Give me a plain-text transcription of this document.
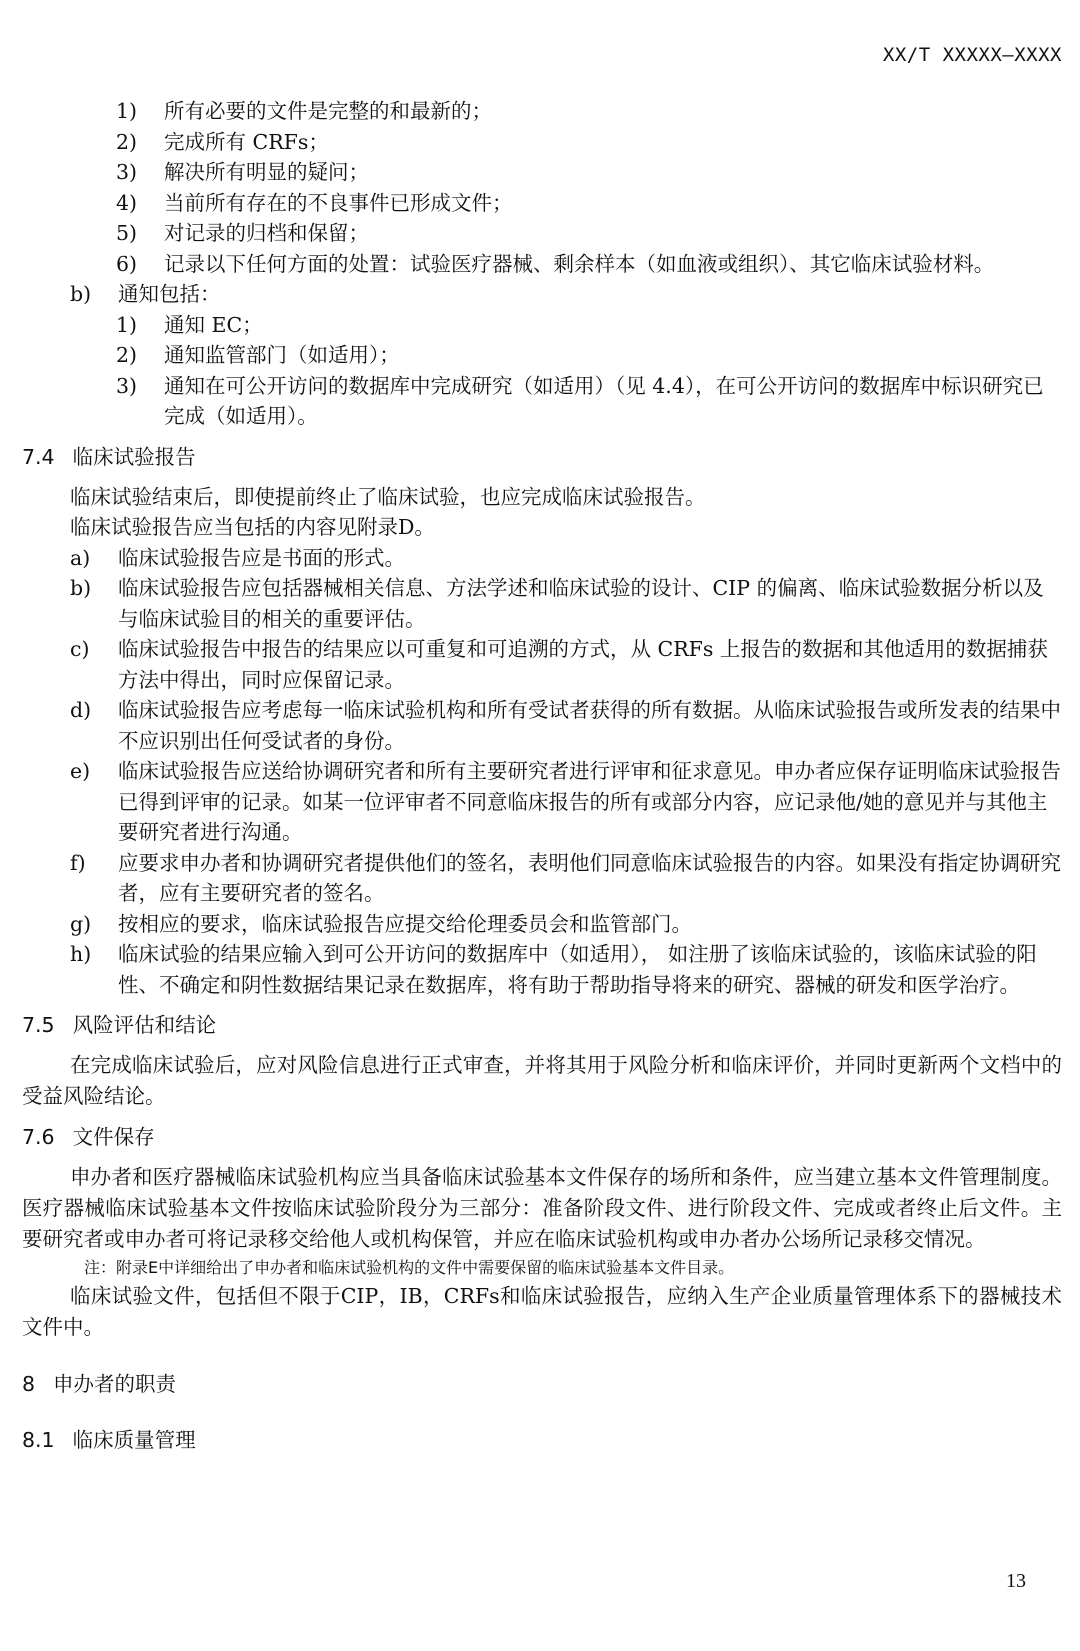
XX/T XXXXX—XXXX
1) 所有必要的文件是完整的和最新的；
2) 完成所有 CRFs；
3) 解决所有明显的疑问；
4) 当前所有存在的不良事件已形成文件；
5) 对记录的归档和保留；
6) 记录以下任何方面的处置：试验医疗器械、剩余样本（如血液或组织）、其它临床试验材料。
b) 通知包括：
1) 通知 EC；
2) 通知监管部门（如适用）；
3) 通知在可公开访问的数据库中完成研究（如适用）（见 4.4），在可公开访问的数据库中标识研究已完成（如适用）。
7.4 临床试验报告
临床试验结束后，即使提前终止了临床试验，也应完成临床试验报告。
临床试验报告应当包括的内容见附录D。
a) 临床试验报告应是书面的形式。
b) 临床试验报告应包括器械相关信息、方法学述和临床试验的设计、CIP 的偏离、临床试验数据分析以及与临床试验目的相关的重要评估。
c) 临床试验报告中报告的结果应以可重复和可追溯的方式，从 CRFs 上报告的数据和其他适用的数据捕获方法中得出，同时应保留记录。
d) 临床试验报告应考虑每一临床试验机构和所有受试者获得的所有数据。从临床试验报告或所发表的结果中不应识别出任何受试者的身份。
e) 临床试验报告应送给协调研究者和所有主要研究者进行评审和征求意见。申办者应保存证明临床试验报告已得到评审的记录。如某一位评审者不同意临床报告的所有或部分内容，应记录他/她的意见并与其他主要研究者进行沟通。
f) 应要求申办者和协调研究者提供他们的签名，表明他们同意临床试验报告的内容。如果没有指定协调研究者，应有主要研究者的签名。
g) 按相应的要求，临床试验报告应提交给伦理委员会和监管部门。
h) 临床试验的结果应输入到可公开访问的数据库中（如适用）， 如注册了该临床试验的，该临床试验的阳性、不确定和阴性数据结果记录在数据库，将有助于帮助指导将来的研究、器械的研发和医学治疗。
7.5 风险评估和结论
在完成临床试验后，应对风险信息进行正式审查，并将其用于风险分析和临床评价，并同时更新两个文档中的受益风险结论。
7.6 文件保存
申办者和医疗器械临床试验机构应当具备临床试验基本文件保存的场所和条件，应当建立基本文件管理制度。医疗器械临床试验基本文件按临床试验阶段分为三部分：准备阶段文件、进行阶段文件、完成或者终止后文件。主要研究者或申办者可将记录移交给他人或机构保管，并应在临床试验机构或申办者办公场所记录移交情况。
注：附录E中详细给出了申办者和临床试验机构的文件中需要保留的临床试验基本文件目录。
临床试验文件，包括但不限于CIP，IB，CRFs和临床试验报告，应纳入生产企业质量管理体系下的器械技术文件中。
8 申办者的职责
8.1 临床质量管理
13
